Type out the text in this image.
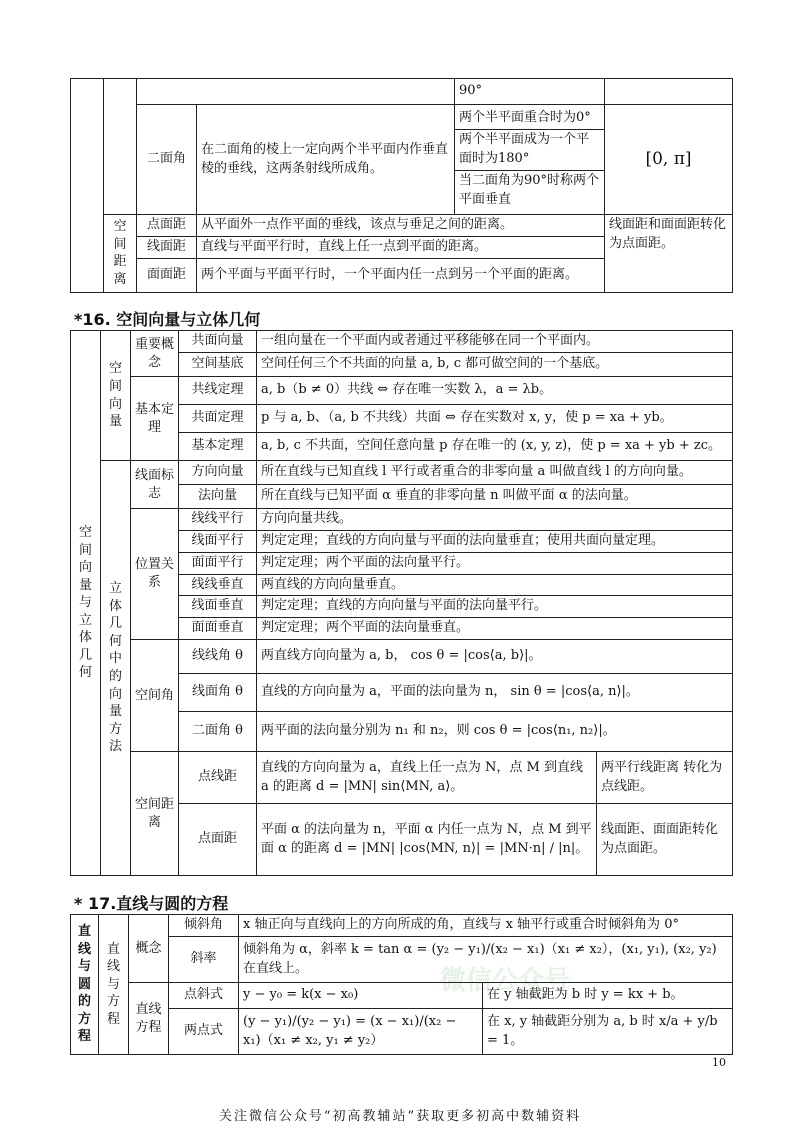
微信公众号
				90°	
		二面角	在二面角的棱上一定向两个半平面内作垂直棱的垂线，这两条射线所成角。	两个半平面重合时为0°
两个半平面成为一个平面时为180°
当二面角为90°时称两个平面垂直	[0, π]
	空间距离	点面距	从平面外一点作平面的垂线，该点与垂足之间的距离。		线面距和面面距转化为点面距。
		线面距	直线与平面平行时，直线上任一点到平面的距离。		
		面面距	两个平面与平面平行时，一个平面内任一点到另一个平面的距离。		
*16. 空间向量与立体几何
空间向量与立体几何	空间向量	重要概念	共面向量	一组向量在一个平面内或者通过平移能够在同一个平面内。	
			空间基底	空间任何三个不共面的向量 a, b, c 都可做空间的一个基底。	
		基本定理	共线定理	a, b（b ≠ 0）共线 ⇔ 存在唯一实数 λ，a = λb。	
			共面定理	p 与 a, b、（a, b 不共线）共面 ⇔ 存在实数对 x, y，使 p = xa + yb。	
			基本定理	a, b, c 不共面，空间任意向量 p 存在唯一的 (x, y, z)，使 p = xa + yb + zc。	
	立体几何中的向量方法	线面标志	方向向量	所在直线与已知直线 l 平行或者重合的非零向量 a 叫做直线 l 的方向向量。	
			法向量	所在直线与已知平面 α 垂直的非零向量 n 叫做平面 α 的法向量。	
		位置关系	线线平行	方向向量共线。	
			线面平行	判定定理；直线的方向向量与平面的法向量垂直；使用共面向量定理。	
			面面平行	判定定理；两个平面的法向量平行。	
			线线垂直	两直线的方向向量垂直。	
			线面垂直	判定定理；直线的方向向量与平面的法向量平行。	
			面面垂直	判定定理；两个平面的法向量垂直。	
		空间角	线线角 θ	两直线方向向量为 a, b， cos θ = |cos⟨a, b⟩|。	
			线面角 θ	直线的方向向量为 a，平面的法向量为 n， sin θ = |cos⟨a, n⟩|。	
			二面角 θ	两平面的法向量分别为 n₁ 和 n₂，则 cos θ = |cos⟨n₁, n₂⟩|。	
		空间距离	点线距	直线的方向向量为 a，直线上任一点为 N，点 M 到直线 a 的距离 d = |MN| sin⟨MN, a⟩。	两平行线距离 转化为点线距。
			点面距	平面 α 的法向量为 n，平面 α 内任一点为 N，点 M 到平面 α 的距离 d = |MN| |cos⟨MN, n⟩| = |MN·n| / |n|。	线面距、面面距转化为点面距。
* 17.直线与圆的方程
直线与圆的方程	直线与方程	概念	倾斜角	x 轴正向与直线向上的方向所成的角，直线与 x 轴平行或重合时倾斜角为 0°	
			斜率	倾斜角为 α，斜率 k = tan α = (y₂ − y₁)/(x₂ − x₁)（x₁ ≠ x₂），(x₁, y₁), (x₂, y₂) 在直线上。	
		直线方程	点斜式	y − y₀ = k(x − x₀)	在 y 轴截距为 b 时 y = kx + b。
			两点式	(y − y₁)/(y₂ − y₁) = (x − x₁)/(x₂ − x₁)（x₁ ≠ x₂, y₁ ≠ y₂）	在 x, y 轴截距分别为 a, b 时 x/a + y/b = 1。
10
关注微信公众号“初高教辅站”获取更多初高中数辅资料
